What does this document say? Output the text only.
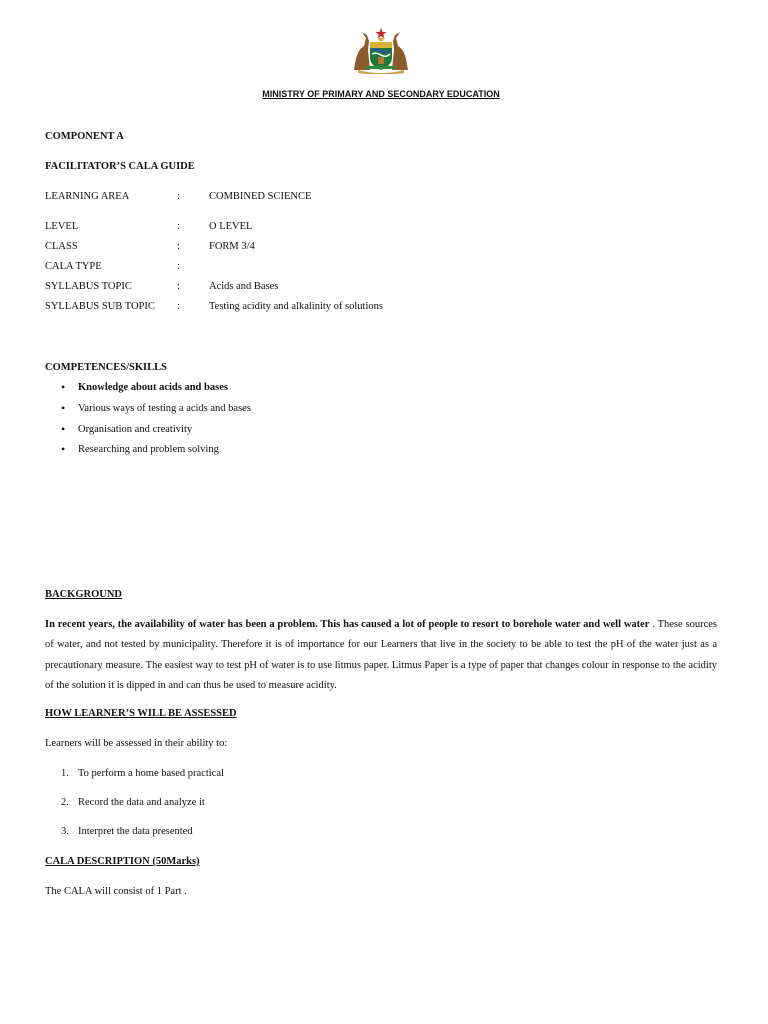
MINISTRY OF PRIMARY AND SECONDARY EDUCATION
COMPONENT A
FACILITATOR’S CALA GUIDE
LEARNING AREA	:	COMBINED SCIENCE
LEVEL	:	O LEVEL
CLASS	:	FORM 3/4
CALA TYPE	:
SYLLABUS TOPIC	:	Acids and Bases
SYLLABUS SUB TOPIC :	Testing acidity and alkalinity of solutions
COMPETENCES/SKILLS
• Knowledge about acids and bases
• Various ways of testing a acids and bases
• Organisation and creativity
• Researching and problem solving
BACKGROUND
In recent years, the availability of water has been a problem. This has caused a lot of people to resort to borehole water and well water . These sources of water, and not tested by municipality. Therefore it is of importance for our Learners that live in the society to be able to test the pH of the water just as a precautionary measure. The easiest way to test pH of water is to use litmus paper. Litmus Paper is a type of paper that changes colour in response to the acidity of the solution it is dipped in and can thus be used to measure acidity.
HOW LEARNER’S WILL BE ASSESSED
Learners will be assessed in their ability to:
1. To perform a home based practical
2. Record the data and analyze it
3. Interpret the data presented
CALA DESCRIPTION (50Marks)
The CALA will consist of 1 Part .
